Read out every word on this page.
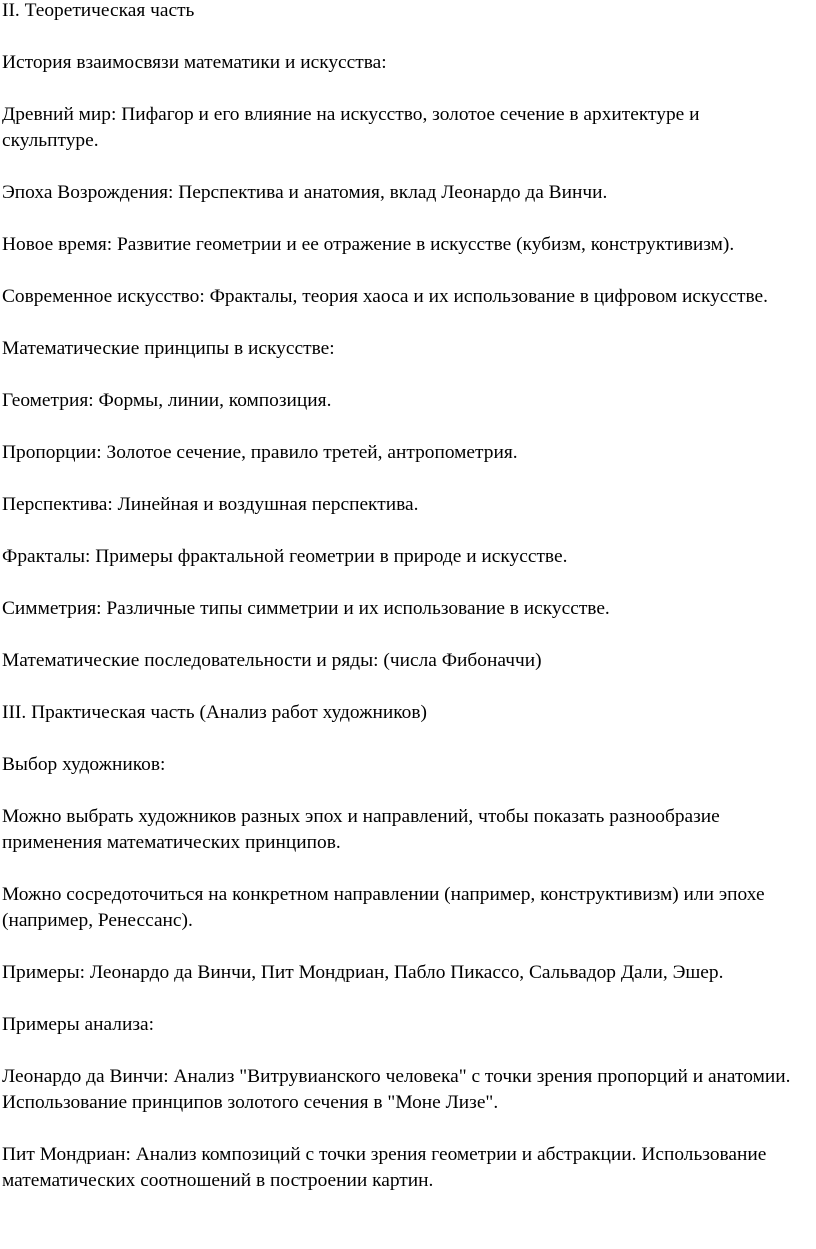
II. Теоретическая часть

История взаимосвязи математики и искусства:

Древний мир: Пифагор и его влияние на искусство, золотое сечение в архитектуре и скульптуре.

Эпоха Возрождения: Перспектива и анатомия, вклад Леонардо да Винчи.

Новое время: Развитие геометрии и ее отражение в искусстве (кубизм, конструктивизм).

Современное искусство: Фракталы, теория хаоса и их использование в цифровом искусстве.

Математические принципы в искусстве:

Геометрия: Формы, линии, композиция.

Пропорции: Золотое сечение, правило третей, антропометрия.

Перспектива: Линейная и воздушная перспектива.

Фракталы: Примеры фрактальной геометрии в природе и искусстве.

Симметрия: Различные типы симметрии и их использование в искусстве.

Математические последовательности и ряды: (числа Фибоначчи)

III. Практическая часть (Анализ работ художников)

Выбор художников:

Можно выбрать художников разных эпох и направлений, чтобы показать разнообразие применения математических принципов.

Можно сосредоточиться на конкретном направлении (например, конструктивизм) или эпохе (например, Ренессанс).

Примеры: Леонардо да Винчи, Пит Мондриан, Пабло Пикассо, Сальвадор Дали, Эшер.

Примеры анализа:

Леонардо да Винчи: Анализ "Витрувианского человека" с точки зрения пропорций и анатомии. Использование принципов золотого сечения в "Моне Лизе".

Пит Мондриан: Анализ композиций с точки зрения геометрии и абстракции. Использование математических соотношений в построении картин.
